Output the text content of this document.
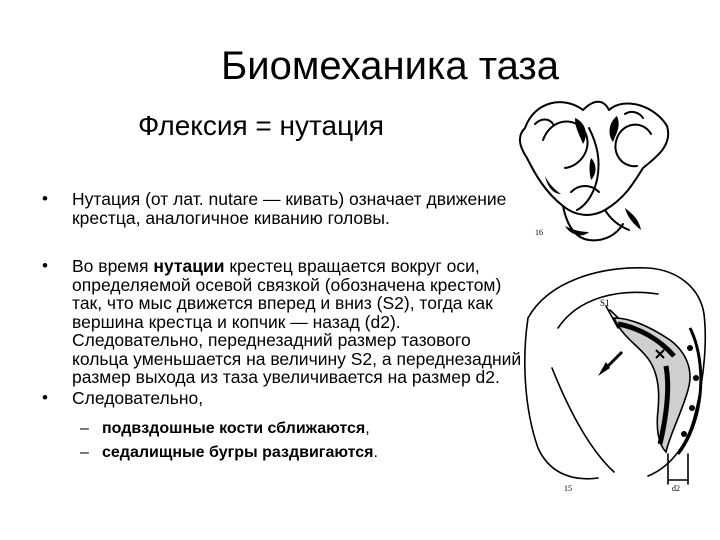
Биомеханика таза
Флексия = нутация
• Нутация (от лат. nutare — кивать) означает движение крестца, аналогичное киванию головы.
• Во время нутации крестец вращается вокруг оси, определяемой осевой связкой (обозначена крестом) так, что мыс движется вперед и вниз (S2), тогда как вершина крестца и копчик — назад (d2). Следовательно, переднезадний размер тазового кольца уменьшается на величину S2, а переднезадний размер выхода из таза увеличивается на размер d2.
• Следовательно,
– подвздошные кости сближаются,
– седалищные бугры раздвигаются.
16
S1
d2
15
